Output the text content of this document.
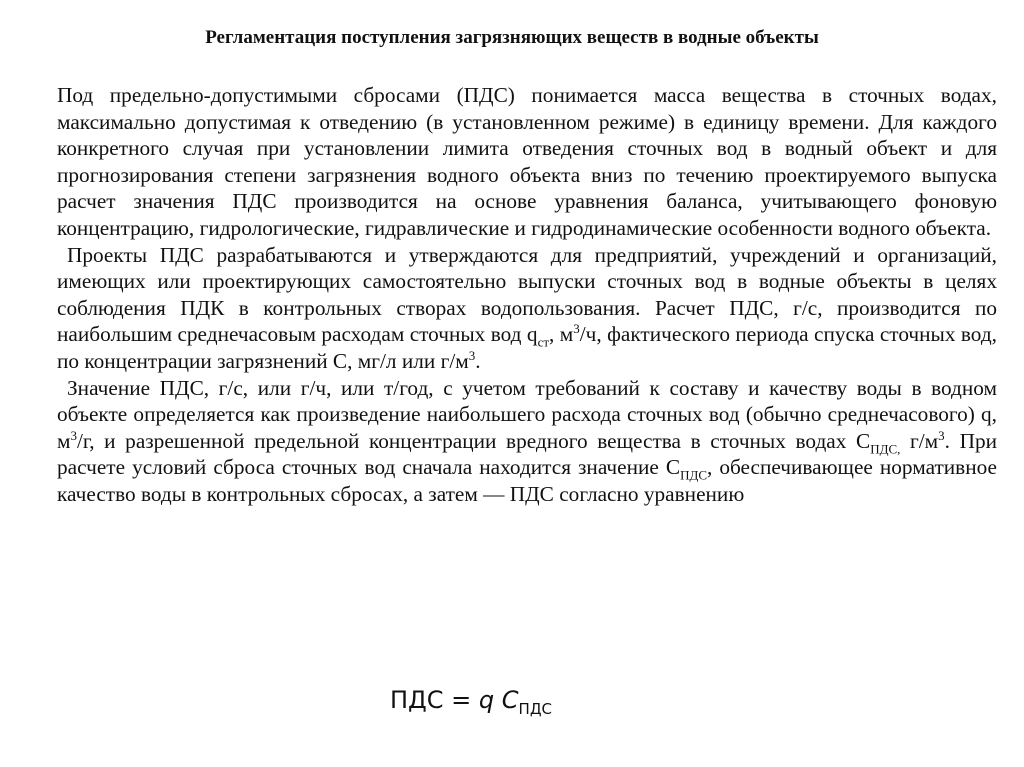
Регламентация поступления загрязняющих веществ в водные объекты

Под предельно-допустимыми сбросами (ПДС) понимается масса вещества в сточных водах, максимально допустимая к отведению (в установленном режиме) в единицу времени. Для каждого конкретного случая при установлении лимита отведения сточных вод в водный объект и для прогнозирования степени загрязнения водного объекта вниз по течению проектируемого выпуска расчет значения ПДС производится на основе уравнения баланса, учитывающего фоновую концентрацию, гидрологические, гидравлические и гидродинамические особенности водного объекта.

Проекты ПДС разрабатываются и утверждаются для предприятий, учреждений и организаций, имеющих или проектирующих самостоятельно выпуски сточных вод в водные объекты в целях соблюдения ПДК в контрольных створах водопользования. Расчет ПДС, г/с, производится по наибольшим среднечасовым расходам сточных вод $q_{ст}$, $м^3/ч$, фактического периода спуска сточных вод, по концентрации загрязнений С, мг/л или $г/м^3$.

Значение ПДС, г/с, или г/ч, или т/год, с учетом требований к составу и качеству воды в водном объекте определяется как произведение наибольшего расхода сточных вод (обычно среднечасового) q, $м^3/г$, и разрешенной предельной концентрации вредного вещества в сточных водах $С_{ПДС,}$ $г/м^3$. При расчете условий сброса сточных вод сначала находится значение $С_{ПДС}$, обеспечивающее нормативное качество воды в контрольных сбросах, а затем — ПДС согласно уравнению

ПДС = q $С_{ПДС}$
